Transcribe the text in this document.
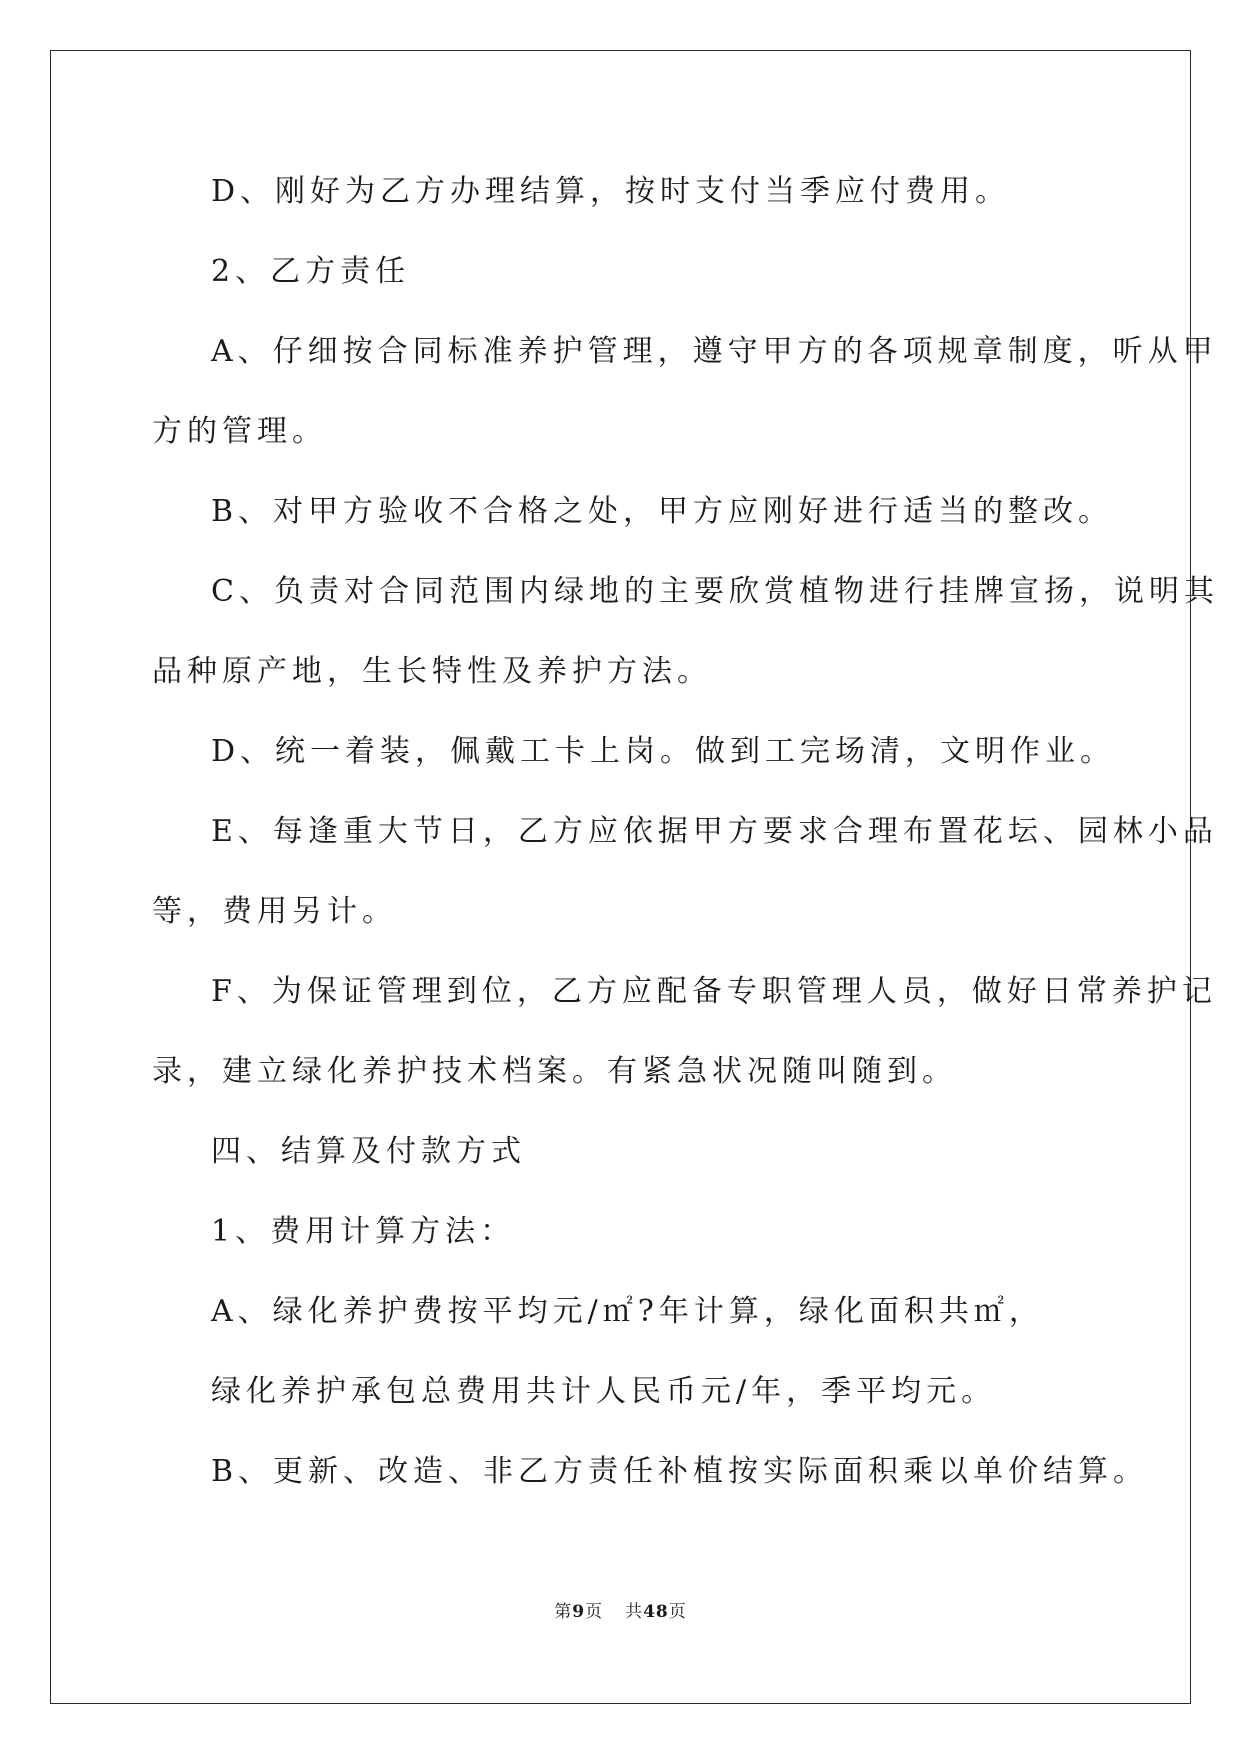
D、刚好为乙方办理结算，按时支付当季应付费用。
2、乙方责任
A、仔细按合同标准养护管理，遵守甲方的各项规章制度，听从甲
方的管理。
B、对甲方验收不合格之处，甲方应刚好进行适当的整改。
C、负责对合同范围内绿地的主要欣赏植物进行挂牌宣扬，说明其
品种原产地，生长特性及养护方法。
D、统一着装，佩戴工卡上岗。做到工完场清，文明作业。
E、每逢重大节日，乙方应依据甲方要求合理布置花坛、园林小品
等，费用另计。
F、为保证管理到位，乙方应配备专职管理人员，做好日常养护记
录，建立绿化养护技术档案。有紧急状况随叫随到。
四、结算及付款方式
1、费用计算方法：
A、绿化养护费按平均元/㎡?年计算，绿化面积共㎡，
绿化养护承包总费用共计人民币元/年，季平均元。
B、更新、改造、非乙方责任补植按实际面积乘以单价结算。
第9页 共48页
